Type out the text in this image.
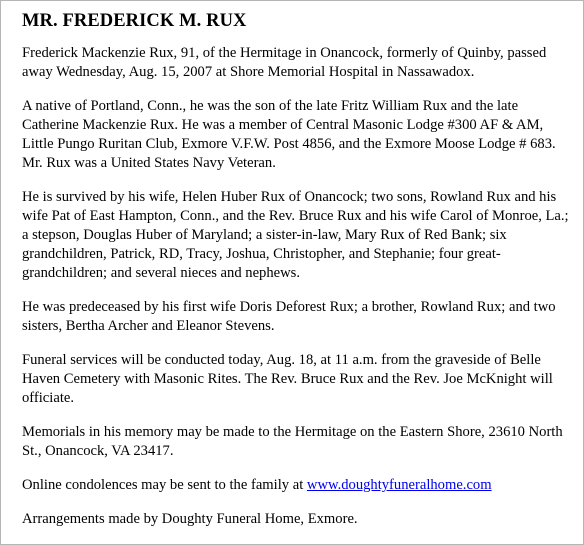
MR. FREDERICK M. RUX

Frederick Mackenzie Rux, 91, of the Hermitage in Onancock, formerly of Quinby, passed away Wednesday, Aug. 15, 2007 at Shore Memorial Hospital in Nassawadox.

A native of Portland, Conn., he was the son of the late Fritz William Rux and the late Catherine Mackenzie Rux. He was a member of Central Masonic Lodge #300 AF & AM, Little Pungo Ruritan Club, Exmore V.F.W. Post 4856, and the Exmore Moose Lodge # 683. Mr. Rux was a United States Navy Veteran.

He is survived by his wife, Helen Huber Rux of Onancock; two sons, Rowland Rux and his wife Pat of East Hampton, Conn., and the Rev. Bruce Rux and his wife Carol of Monroe, La.; a stepson, Douglas Huber of Maryland; a sister-in-law, Mary Rux of Red Bank; six grandchildren, Patrick, RD, Tracy, Joshua, Christopher, and Stephanie; four great-grandchildren; and several nieces and nephews.

He was predeceased by his first wife Doris Deforest Rux; a brother, Rowland Rux; and two sisters, Bertha Archer and Eleanor Stevens.

Funeral services will be conducted today, Aug. 18, at 11 a.m. from the graveside of Belle Haven Cemetery with Masonic Rites. The Rev. Bruce Rux and the Rev. Joe McKnight will officiate.

Memorials in his memory may be made to the Hermitage on the Eastern Shore, 23610 North St., Onancock, VA 23417.

Online condolences may be sent to the family at www.doughtyfuneralhome.com

Arrangements made by Doughty Funeral Home, Exmore.
